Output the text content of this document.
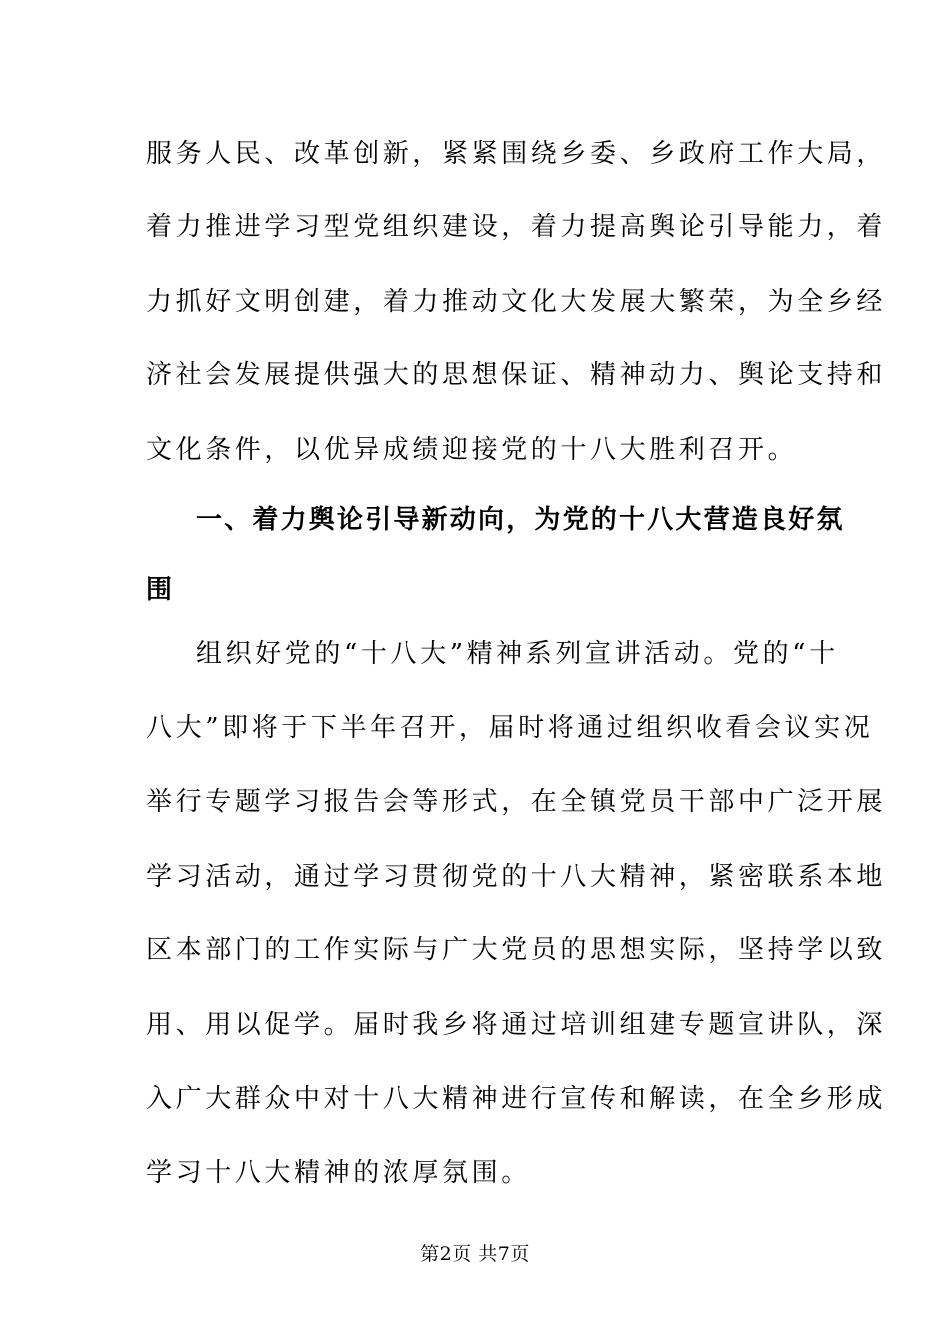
服务人民、改革创新，紧紧围绕乡委、乡政府工作大局，
着力推进学习型党组织建设，着力提高舆论引导能力，着
力抓好文明创建，着力推动文化大发展大繁荣，为全乡经
济社会发展提供强大的思想保证、精神动力、舆论支持和
文化条件，以优异成绩迎接党的十八大胜利召开。
一、着力舆论引导新动向，为党的十八大营造良好氛
围
组织好党的“十八大”精神系列宣讲活动。党的“十
八大”即将于下半年召开，届时将通过组织收看会议实况
举行专题学习报告会等形式，在全镇党员干部中广泛开展
学习活动，通过学习贯彻党的十八大精神，紧密联系本地
区本部门的工作实际与广大党员的思想实际，坚持学以致
用、用以促学。届时我乡将通过培训组建专题宣讲队，深
入广大群众中对十八大精神进行宣传和解读，在全乡形成
学习十八大精神的浓厚氛围。
第2页 共7页
